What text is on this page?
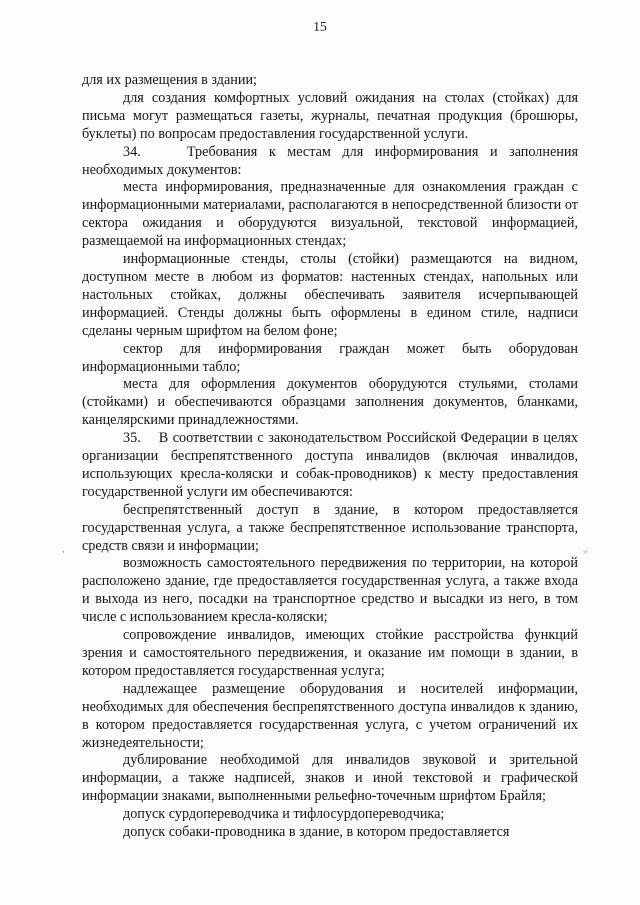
15

для их размещения в здании;

для создания комфортных условий ожидания на столах (стойках) для письма могут размещаться газеты, журналы, печатная продукция (брошюры, буклеты) по вопросам предоставления государственной услуги.

34.    Требования к местам для информирования и заполнения необходимых документов:

места информирования, предназначенные для ознакомления граждан с информационными материалами, располагаются в непосредственной близости от сектора ожидания и оборудуются визуальной, текстовой информацией, размещаемой на информационных стендах;

информационные стенды, столы (стойки) размещаются на видном, доступном месте в любом из форматов: настенных стендах, напольных или настольных стойках, должны обеспечивать заявителя исчерпывающей информацией. Стенды должны быть оформлены в едином стиле, надписи сделаны черным шрифтом на белом фоне;

сектор для информирования граждан может быть оборудован информационными табло;

места для оформления документов оборудуются стульями, столами (стойками) и обеспечиваются образцами заполнения документов, бланками, канцелярскими принадлежностями.

35.    В соответствии с законодательством Российской Федерации в целях организации беспрепятственного доступа инвалидов (включая инвалидов, использующих кресла-коляски и собак-проводников) к месту предоставления государственной услуги им обеспечиваются:

беспрепятственный доступ в здание, в котором предоставляется государственная услуга, а также беспрепятственное использование транспорта, средств связи и информации;

возможность самостоятельного передвижения по территории, на которой расположено здание, где предоставляется государственная услуга, а также входа и выхода из него, посадки на транспортное средство и высадки из него, в том числе с использованием кресла-коляски;

сопровождение инвалидов, имеющих стойкие расстройства функций зрения и самостоятельного передвижения, и оказание им помощи в здании, в котором предоставляется государственная услуга;

надлежащее размещение оборудования и носителей информации, необходимых для обеспечения беспрепятственного доступа инвалидов к зданию, в котором предоставляется государственная услуга, с учетом ограничений их жизнедеятельности;

дублирование необходимой для инвалидов звуковой и зрительной информации, а также надписей, знаков и иной текстовой и графической информации знаками, выполненными рельефно-точечным шрифтом Брайля;

допуск сурдопереводчика и тифлосурдопереводчика;

допуск собаки-проводника в здание, в котором предоставляется

‚‚
,
